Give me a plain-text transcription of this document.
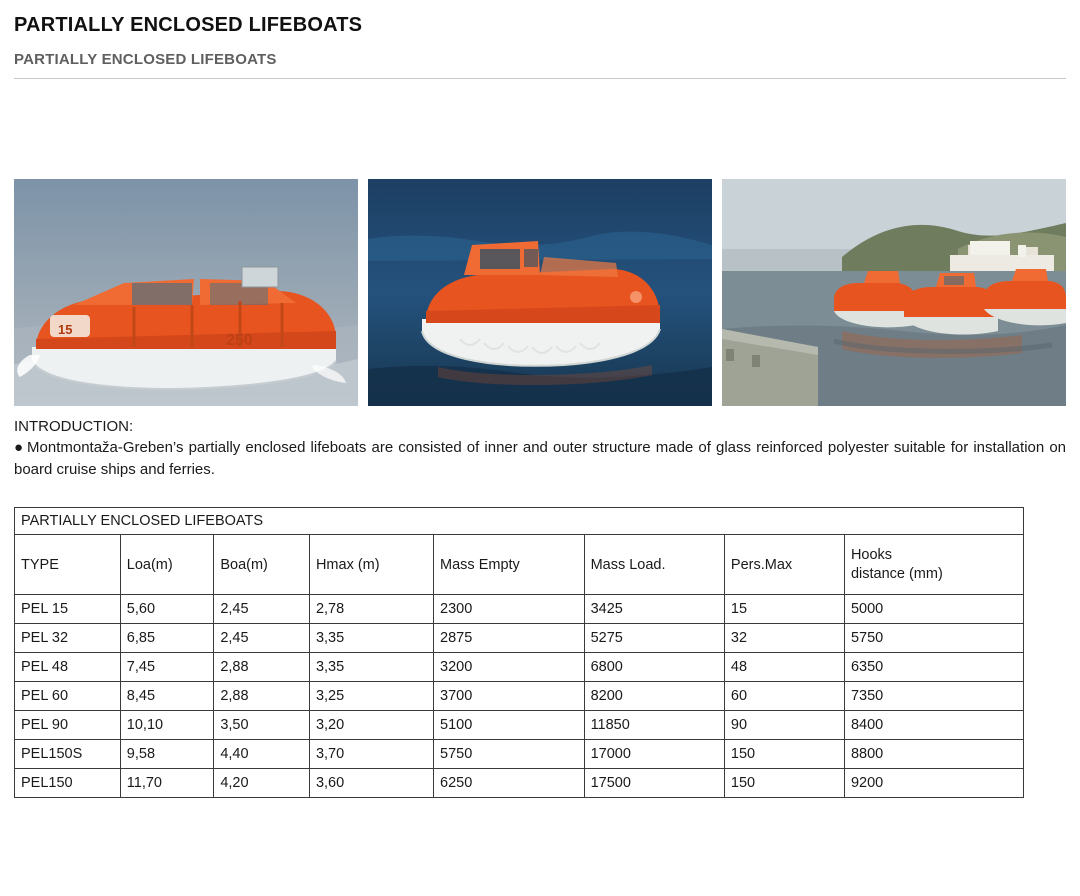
PARTIALLY ENCLOSED LIFEBOATS
PARTIALLY ENCLOSED LIFEBOATS
15
250
INTRODUCTION:
● Montmontaža-Greben’s partially enclosed lifeboats are consisted of inner and outer structure made of glass reinforced polyester suitable for installation on board cruise ships and ferries.
PARTIALLY ENCLOSED LIFEBOATS							
TYPE	Loa(m)	Boa(m)	Hmax (m)	Mass Empty	Mass Load.	Pers.Max	Hooks
distance (mm)

PEL 15	5,60	2,45	2,78	2300	3425	15	5000
PEL 32	6,85	2,45	3,35	2875	5275	32	5750
PEL 48	7,45	2,88	3,35	3200	6800	48	6350
PEL 60	8,45	2,88	3,25	3700	8200	60	7350
PEL 90	10,10	3,50	3,20	5100	11850	90	8400
PEL150S	9,58	4,40	3,70	5750	17000	150	8800
PEL150	11,70	4,20	3,60	6250	17500	150	9200
